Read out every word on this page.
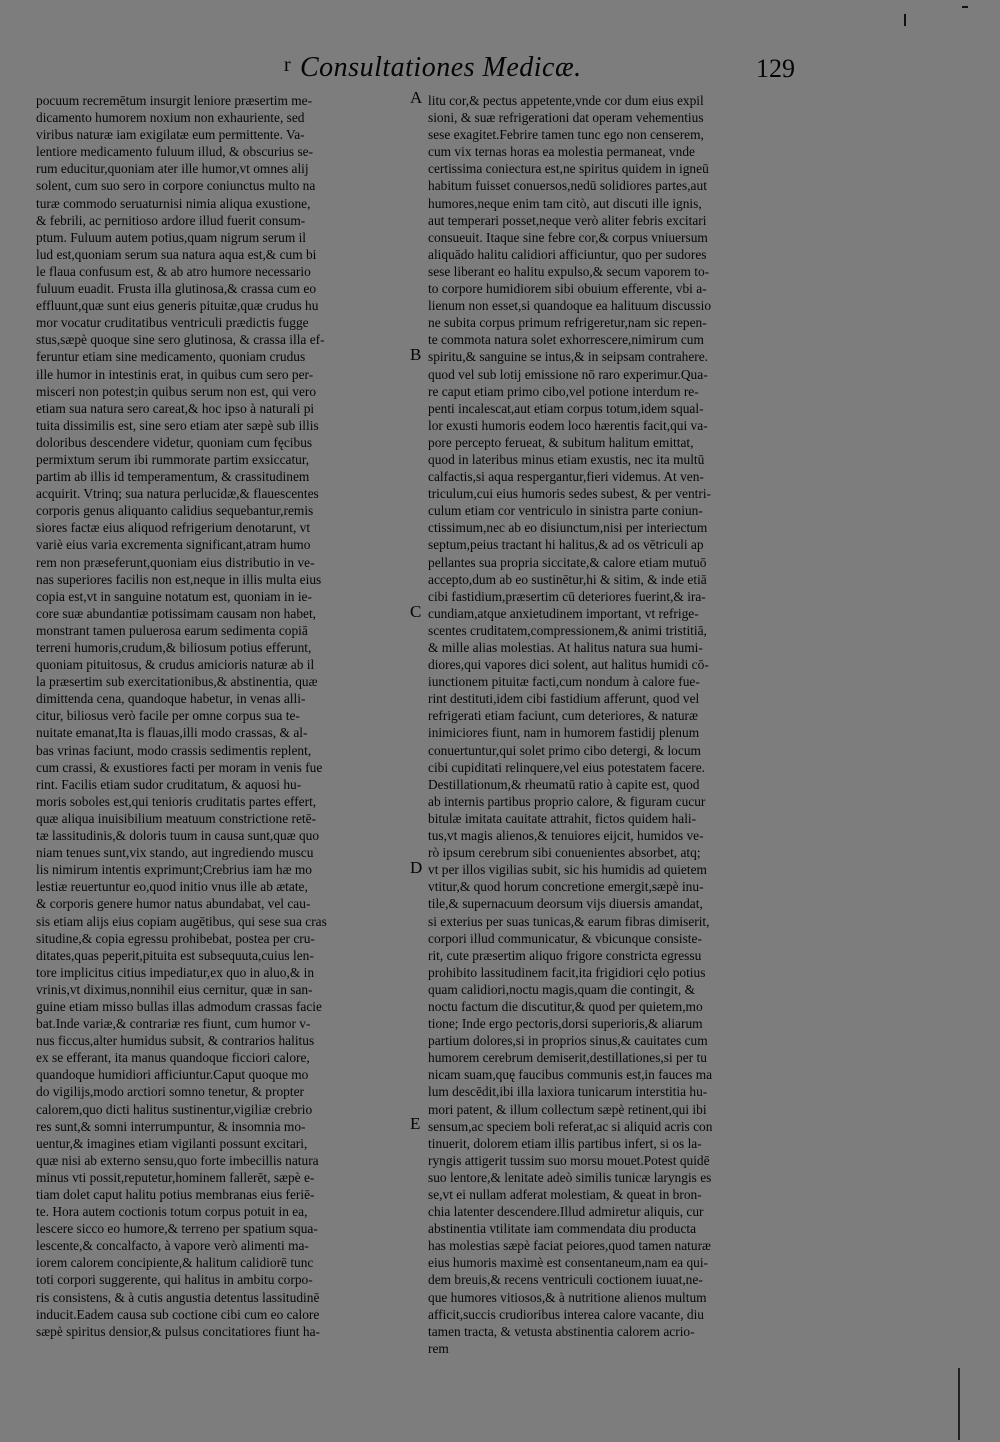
r Consultationes Medicæ.	129
pocuum recremētum insurgit leniore præsertim me-
dicamento humorem noxium non exhauriente, sed
viribus naturæ iam exigilatæ eum permittente. Va-
lentiore medicamento fuluum illud, & obscurius se-
rum educitur,quoniam ater ille humor,vt omnes alij
solent, cum suo sero in corpore coniunctus multo na
turæ commodo seruaturnisi nimia aliqua exustione,
& febrili, ac pernitioso ardore illud fuerit consum-
ptum. Fuluum autem potius,quam nigrum serum il
lud est,quoniam serum sua natura aqua est,& cum bi
le flaua confusum est, & ab atro humore necessario
fuluum euadit. Frusta illa glutinosa,& crassa cum eo
effluunt,quæ sunt eius generis pituitæ,quæ crudus hu
mor vocatur cruditatibus ventriculi prædictis fugge
stus,sæpè quoque sine sero glutinosa, & crassa illa ef-
feruntur etiam sine medicamento, quoniam crudus
ille humor in intestinis erat, in quibus cum sero per-
misceri non potest;in quibus serum non est, qui vero
etiam sua natura sero careat,& hoc ipso à naturali pi
tuita dissimilis est, sine sero etiam ater sæpè sub illis
doloribus descendere videtur, quoniam cum fęcibus
permixtum serum ibi rummorate partim exsiccatur,
partim ab illis id temperamentum, & crassitudinem
acquirit. Vtrinq; sua natura perlucidæ,& flauescentes
corporis genus aliquanto calidius sequebantur,remis
siores factæ eius aliquod refrigerium denotarunt, vt
variè eius varia excrementa significant,atram humo
rem non præseferunt,quoniam eius distributio in ve-
nas superiores facilis non est,neque in illis multa eius
copia est,vt in sanguine notatum est, quoniam in ie-
core suæ abundantiæ potissimam causam non habet,
monstrant tamen puluerosa earum sedimenta copiā
terreni humoris,crudum,& biliosum potius efferunt,
quoniam pituitosus, & crudus amicioris naturæ ab il
la præsertim sub exercitationibus,& abstinentia, quæ
dimittenda cena, quandoque habetur, in venas alli-
citur, biliosus verò facile per omne corpus sua te-
nuitate emanat,Ita is flauas,illi modo crassas, & al-
bas vrinas faciunt, modo crassis sedimentis replent,
cum crassi, & exustiores facti per moram in venis fue
rint. Facilis etiam sudor cruditatum, & aquosi hu-
moris soboles est,qui tenioris cruditatis partes effert,
quæ aliqua inuisibilium meatuum constrictione retē-
tæ lassitudinis,& doloris tuum in causa sunt,quæ quo
niam tenues sunt,vix stando, aut ingrediendo muscu
lis nimirum intentis exprimunt;Crebrius iam hæ mo
lestiæ reuertuntur eo,quod initio vnus ille ab ætate,
& corporis genere humor natus abundabat, vel cau-
sis etiam alijs eius copiam augētibus, qui sese sua cras
situdine,& copia egressu prohibebat, postea per cru-
ditates,quas peperit,pituita est subsequuta,cuius len-
tore implicitus citius impediatur,ex quo in aluo,& in
vrinis,vt diximus,nonnihil eius cernitur, quæ in san-
guine etiam misso bullas illas admodum crassas facie
bat.Inde variæ,& contrariæ res fiunt, cum humor v-
nus ficcus,alter humidus subsit, & contrarios halitus
ex se efferant, ita manus quandoque ficciori calore,
quandoque humidiori afficiuntur.Caput quoque mo
do vigilijs,modo arctiori somno tenetur, & propter
calorem,quo dicti halitus sustinentur,vigiliæ crebrio
res sunt,& somni interrumpuntur, & insomnia mo-
uentur,& imagines etiam vigilanti possunt excitari,
quæ nisi ab externo sensu,quo forte imbecillis natura
minus vti possit,reputetur,hominem fallerēt, sæpè e-
tiam dolet caput halitu potius membranas eius feriē-
te. Hora autem coctionis totum corpus potuit in ea,
lescere sicco eo humore,& terreno per spatium squa-
lescente,& concalfacto, à vapore verò alimenti ma-
iorem calorem concipiente,& halitum calidiorē tunc
toti corpori suggerente, qui halitus in ambitu corpo-
ris consistens, & à cutis angustia detentus lassitudinē
inducit.Eadem causa sub coctione cibi cum eo calore
sæpè spiritus densior,& pulsus concitatiores fiunt ha-
litu cor,& pectus appetente,vnde cor dum eius expil
sioni, & suæ refrigerationi dat operam vehementius
sese exagitet.Febrire tamen tunc ego non censerem,
cum vix ternas horas ea molestia permaneat, vnde
certissima coniectura est,ne spiritus quidem in igneū
habitum fuisset conuersos,nedū solidiores partes,aut
humores,neque enim tam citò, aut discuti ille ignis,
aut temperari posset,neque verò aliter febris excitari
consueuit. Itaque sine febre cor,& corpus vniuersum
aliquādo halitu calidiori afficiuntur, quo per sudores
sese liberant eo halitu expulso,& secum vaporem to-
to corpore humidiorem sibi obuium efferente, vbi a-
lienum non esset,si quandoque ea halituum discussio
ne subita corpus primum refrigeretur,nam sic repen-
te commota natura solet exhorrescere,nimirum cum
spiritu,& sanguine se intus,& in seipsam contrahere.
quod vel sub lotij emissione nō raro experimur.Qua-
re caput etiam primo cibo,vel potione interdum re-
penti incalescat,aut etiam corpus totum,idem squal-
lor exusti humoris eodem loco hærentis facit,qui va-
pore percepto ferueat, & subitum halitum emittat,
quod in lateribus minus etiam exustis, nec ita multū
calfactis,si aqua respergantur,fieri videmus. At ven-
triculum,cui eius humoris sedes subest, & per ventri-
culum etiam cor ventriculo in sinistra parte coniun-
ctissimum,nec ab eo disiunctum,nisi per interiectum
septum,peius tractant hi halitus,& ad os vētriculi ap
pellantes sua propria siccitate,& calore etiam mutuō
accepto,dum ab eo sustinētur,hi & sitim, & inde etiā
cibi fastidium,præsertim cū deteriores fuerint,& ira-
cundiam,atque anxietudinem important, vt refrige-
scentes cruditatem,compressionem,& animi tristitiā,
& mille alias molestias. At halitus natura sua humi-
diores,qui vapores dici solent, aut halitus humidi cō-
iunctionem pituitæ facti,cum nondum à calore fue-
rint destituti,idem cibi fastidium afferunt, quod vel
refrigerati etiam faciunt, cum deteriores, & naturæ
inimiciores fiunt, nam in humorem fastidij plenum
conuertuntur,qui solet primo cibo detergi, & locum
cibi cupiditati relinquere,vel eius potestatem facere.
Destillationum,& rheumatū ratio à capite est, quod
ab internis partibus proprio calore, & figuram cucur
bitulæ imitata cauitate attrahit, fictos quidem hali-
tus,vt magis alienos,& tenuiores eijcit, humidos ve-
rò ipsum cerebrum sibi conuenientes absorbet, atq;
vt per illos vigilias subit, sic his humidis ad quietem
vtitur,& quod horum concretione emergit,sæpè inu-
tile,& supernacuum deorsum vijs diuersis amandat,
si exterius per suas tunicas,& earum fibras dimiserit,
corpori illud communicatur, & vbicunque consiste-
rit, cute præsertim aliquo frigore constricta egressu
prohibito lassitudinem facit,ita frigidiori cęlo potius
quam calidiori,noctu magis,quam die contingit, &
noctu factum die discutitur,& quod per quietem,mo
tione; Inde ergo pectoris,dorsi superioris,& aliarum
partium dolores,si in proprios sinus,& cauitates cum
humorem cerebrum demiserit,destillationes,si per tu
nicam suam,quę faucibus communis est,in fauces ma
lum descēdit,ibi illa laxiora tunicarum interstitia hu-
mori patent, & illum collectum sæpè retinent,qui ibi
sensum,ac speciem boli referat,ac si aliquid acris con
tinuerit, dolorem etiam illis partibus infert, si os la-
ryngis attigerit tussim suo morsu mouet.Potest quidē
suo lentore,& lenitate adeò similis tunicæ laryngis es
se,vt ei nullam adferat molestiam, & queat in bron-
chia latenter descendere.Illud admiretur aliquis, cur
abstinentia vtilitate iam commendata diu producta
has molestias sæpè faciat peiores,quod tamen naturæ
eius humoris maximè est consentaneum,nam ea qui-
dem breuis,& recens ventriculi coctionem iuuat,ne-
que humores vitiosos,& à nutritione alienos multum
afficit,succis crudioribus interea calore vacante, diu
tamen tracta, & vetusta abstinentia calorem acrio-
rem
A
B
C
D
E
